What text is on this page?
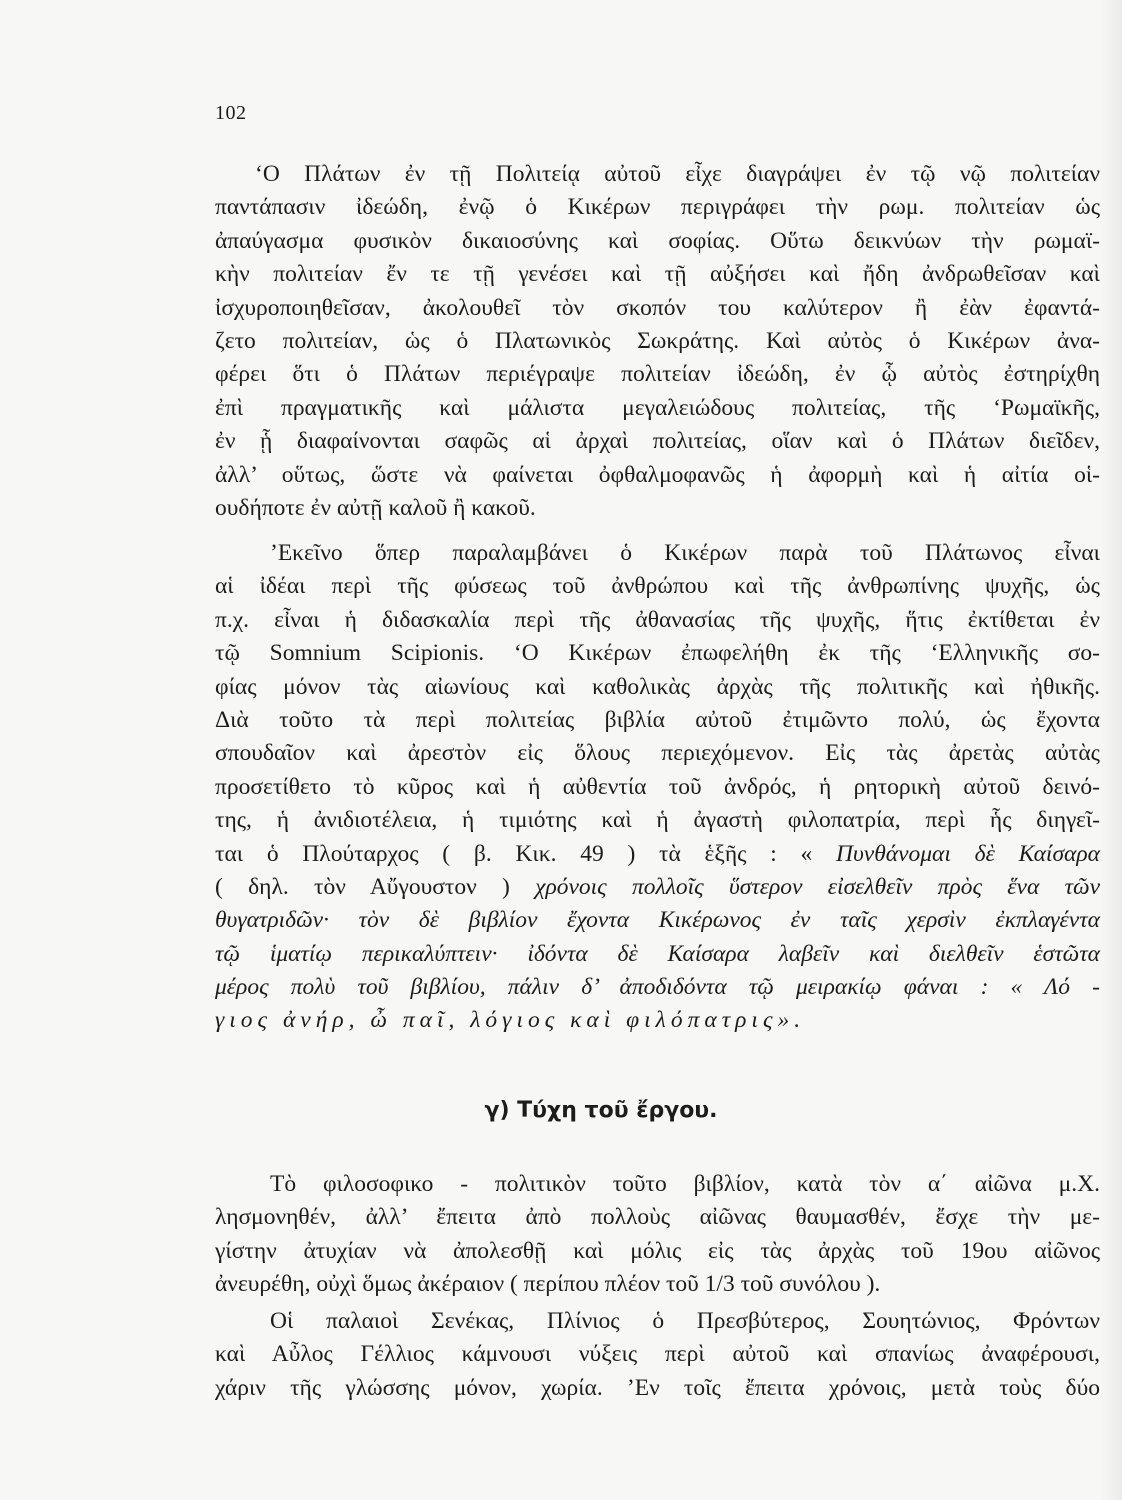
102
‘Ο Πλάτων ἐν τῇ Πολιτείᾳ αὐτοῦ εἶχε διαγράψει ἐν τῷ νῷ πολιτείαν
παντάπασιν ἰδεώδη, ἐνῷ ὁ Κικέρων περιγράφει τὴν ρωμ. πολιτείαν ὡς
ἀπαύγασμα φυσικὸν δικαιοσύνης καὶ σοφίας. Οὕτω δεικνύων τὴν ρωμαϊ-
κὴν πολιτείαν ἔν τε τῇ γενέσει καὶ τῇ αὐξήσει καὶ ἤδη ἀνδρωθεῖσαν καὶ
ἰσχυροποιηθεῖσαν, ἀκολουθεῖ τὸν σκοπόν του καλύτερον ἢ ἐὰν ἐφαντά-
ζετο πολιτείαν, ὡς ὁ Πλατωνικὸς Σωκράτης. Καὶ αὐτὸς ὁ Κικέρων ἀνα-
φέρει ὅτι ὁ Πλάτων περιέγραψε πολιτείαν ἰδεώδη, ἐν ᾧ αὐτὸς ἐστηρίχθη
ἐπὶ πραγματικῆς καὶ μάλιστα μεγαλειώδους πολιτείας, τῆς ‘Ρωμαϊκῆς,
ἐν ᾗ διαφαίνονται σαφῶς αἱ ἀρχαὶ πολιτείας, οἵαν καὶ ὁ Πλάτων διεῖδεν,
ἀλλ’ οὕτως, ὥστε νὰ φαίνεται ὀφθαλμοφανῶς ἡ ἀφορμὴ καὶ ἡ αἰτία οἱ-
ουδήποτε ἐν αὐτῇ καλοῦ ἢ κακοῦ.
’Εκεῖνο ὅπερ παραλαμβάνει ὁ Κικέρων παρὰ τοῦ Πλάτωνος εἶναι
αἱ ἰδέαι περὶ τῆς φύσεως τοῦ ἀνθρώπου καὶ τῆς ἀνθρωπίνης ψυχῆς, ὡς
π.χ. εἶναι ἡ διδασκαλία περὶ τῆς ἀθανασίας τῆς ψυχῆς, ἥτις ἐκτίθεται ἐν
τῷ Somnium Scipionis. ‘Ο Κικέρων ἐπωφελήθη ἐκ τῆς ‘Ελληνικῆς σο-
φίας μόνον τὰς αἰωνίους καὶ καθολικὰς ἀρχὰς τῆς πολιτικῆς καὶ ἠθικῆς.
Διὰ τοῦτο τὰ περὶ πολιτείας βιβλία αὐτοῦ ἐτιμῶντο πολύ, ὡς ἔχοντα
σπουδαῖον καὶ ἀρεστὸν εἰς ὅλους περιεχόμενον. Εἰς τὰς ἀρετὰς αὐτὰς
προσετίθετο τὸ κῦρος καὶ ἡ αὐθεντία τοῦ ἀνδρός, ἡ ρητορικὴ αὐτοῦ δεινό-
της, ἡ ἀνιδιοτέλεια, ἡ τιμιότης καὶ ἡ ἀγαστὴ φιλοπατρία, περὶ ἧς διηγεῖ-
ται ὁ Πλούταρχος ( β. Κικ. 49 ) τὰ ἑξῆς : « Πυνθάνομαι δὲ Καίσαρα
( δηλ. τὸν Αὔγουστον ) χρόνοις πολλοῖς ὕστερον εἰσελθεῖν πρὸς ἕνα τῶν
θυγατριδῶν· τὸν δὲ βιβλίον ἔχοντα Κικέρωνος ἐν ταῖς χερσὶν ἐκπλαγέντα
τῷ ἱματίῳ περικαλύπτειν· ἰδόντα δὲ Καίσαρα λαβεῖν καὶ διελθεῖν ἑστῶτα
μέρος πολὺ τοῦ βιβλίου, πάλιν δ’ ἀποδιδόντα τῷ μειρακίῳ φάναι : « Λό -
γιος ἀνήρ, ὦ παῖ, λόγιος καὶ φιλόπατρις».
γ) Τύχη τοῦ ἔργου.
Τὸ φιλοσοφικο - πολιτικὸν τοῦτο βιβλίον, κατὰ τὸν α΄ αἰῶνα μ.Χ.
λησμονηθέν, ἀλλ’ ἔπειτα ἀπὸ πολλοὺς αἰῶνας θαυμασθέν, ἔσχε τὴν με-
γίστην ἀτυχίαν νὰ ἀπολεσθῇ καὶ μόλις εἰς τὰς ἀρχὰς τοῦ 19ου αἰῶνος
ἀνευρέθη, οὐχὶ ὅμως ἀκέραιον ( περίπου πλέον τοῦ 1/3 τοῦ συνόλου ).
Οἱ παλαιοὶ Σενέκας, Πλίνιος ὁ Πρεσβύτερος, Σουητώνιος, Φρόντων
καὶ Αὖλος Γέλλιος κάμνουσι νύξεις περὶ αὐτοῦ καὶ σπανίως ἀναφέρουσι,
χάριν τῆς γλώσσης μόνον, χωρία. ’Εν τοῖς ἔπειτα χρόνοις, μετὰ τοὺς δύο
